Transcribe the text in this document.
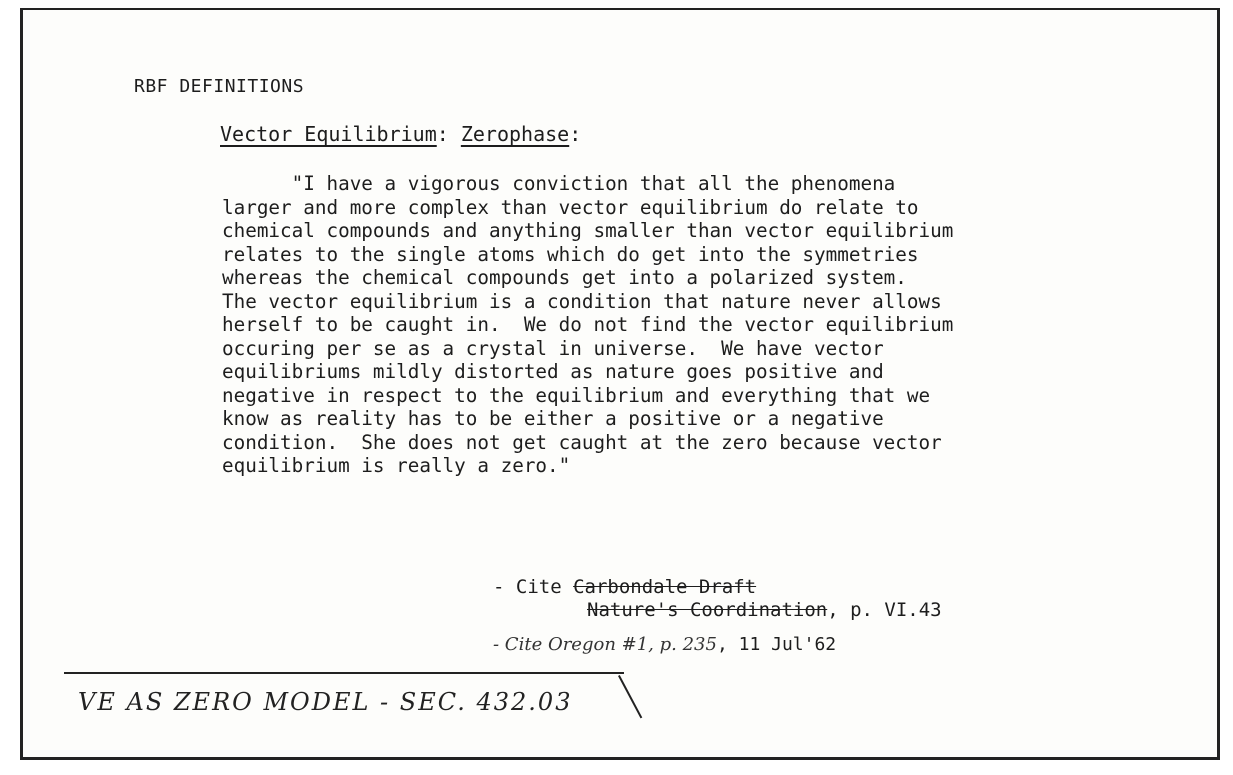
RBF DEFINITIONS
Vector Equilibrium: Zerophase:
"I have a vigorous conviction that all the phenomena
larger and more complex than vector equilibrium do relate to
chemical compounds and anything smaller than vector equilibrium
relates to the single atoms which do get into the symmetries
whereas the chemical compounds get into a polarized system.
The vector equilibrium is a condition that nature never allows
herself to be caught in.  We do not find the vector equilibrium
occuring per se as a crystal in universe.  We have vector
equilibriums mildly distorted as nature goes positive and
negative in respect to the equilibrium and everything that we
know as reality has to be either a positive or a negative
condition.  She does not get caught at the zero because vector
equilibrium is really a zero."
- Cite Carbondale Draft
Nature's Coordination, p. VI.43
- Cite Oregon #1, p. 235, 11 Jul'62
VE AS ZERO MODEL - SEC. 432.03
